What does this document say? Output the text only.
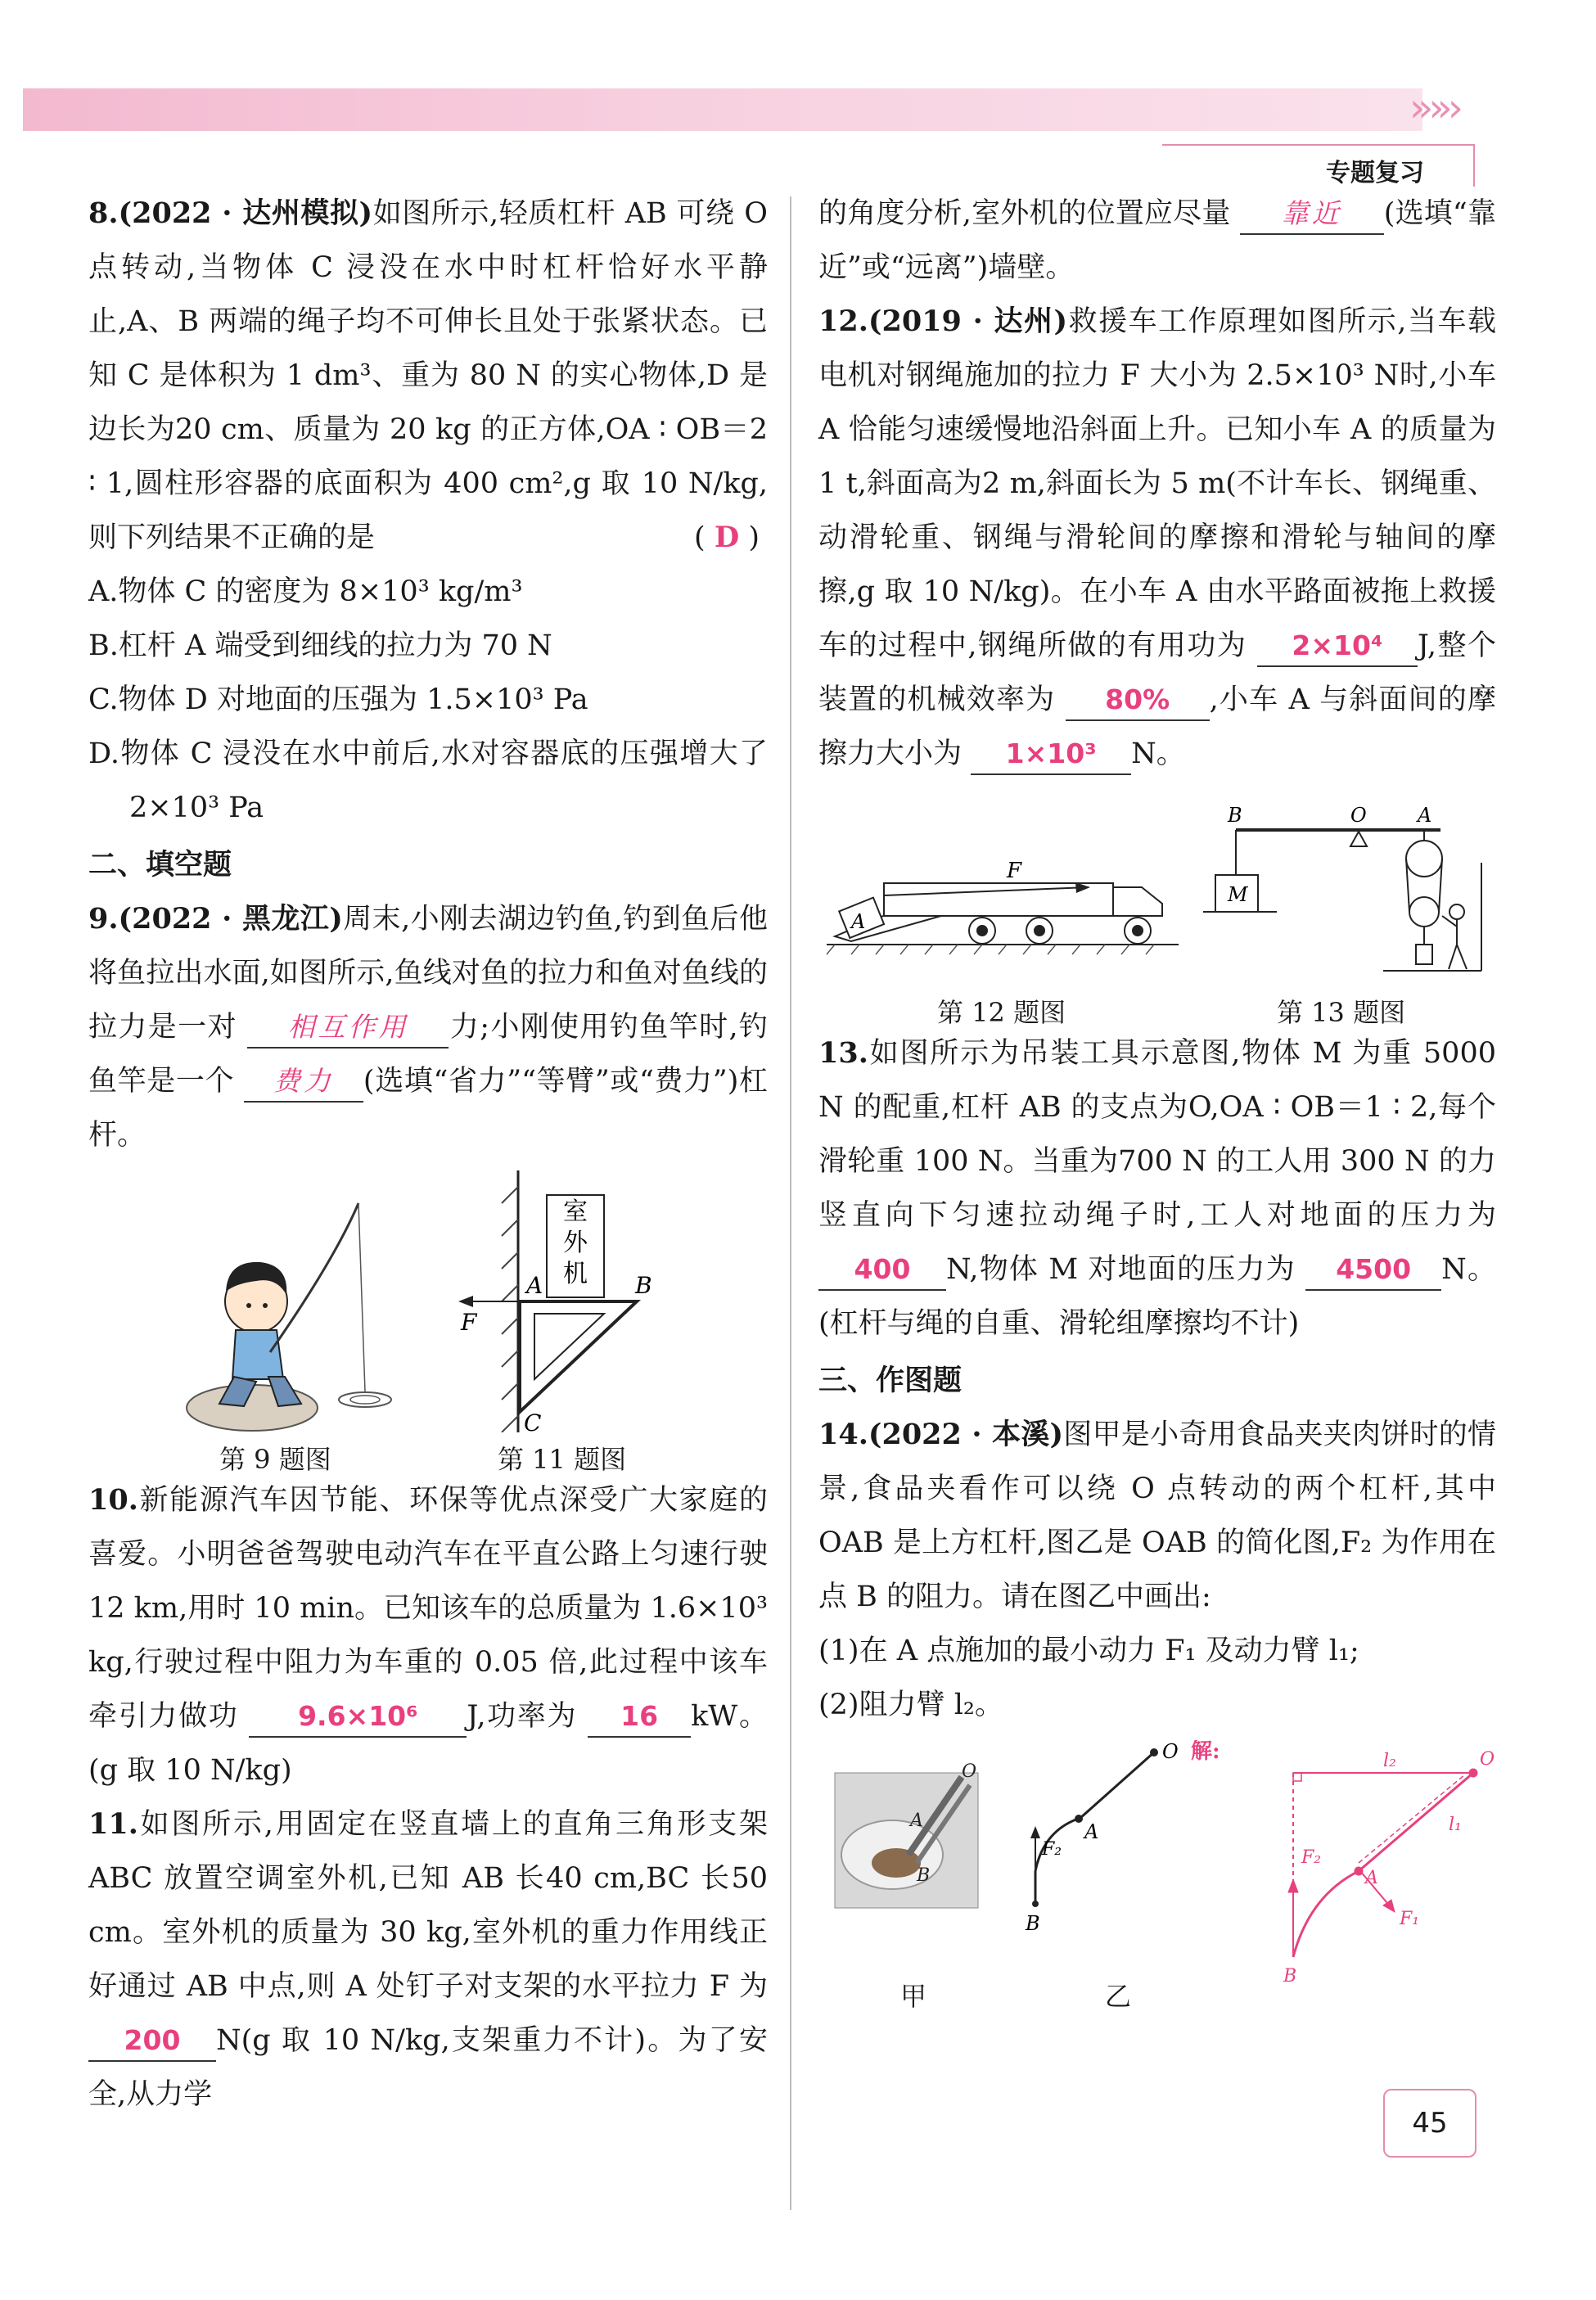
»»›
专题复习

8.(2022 · 达州模拟)如图所示,轻质杠杆 AB 可绕 O 点转动,当物体 C 浸没在水中时杠杆恰好水平静止,A、B 两端的绳子均不可伸长且处于张紧状态。已知 C 是体积为 1 dm³、重为 80 N 的实心物体,D 是边长为20 cm、质量为 20 kg 的正方体,OA ∶ OB＝2 ∶ 1,圆柱形容器的底面积为 400 cm²,g 取 10 N/kg,则下列结果不正确的是	( D )

A.物体 C 的密度为 8×10³ kg/m³

B.杠杆 A 端受到细线的拉力为 70 N

C.物体 D 对地面的压强为 1.5×10³ Pa

D.物体 C 浸没在水中前后,水对容器底的压强增大了 2×10³ Pa

二、填空题

9.(2022 · 黑龙江)周末,小刚去湖边钓鱼,钓到鱼后他将鱼拉出水面,如图所示,鱼线对鱼的拉力和鱼对鱼线的拉力是一对 相互作用 力;小刚使用钓鱼竿时,钓鱼竿是一个 费力 (选填“省力”“等臂”或“费力”)杠杆。

室
外
机
A	B
C
F
第 9 题图	第 11 题图

10.新能源汽车因节能、环保等优点深受广大家庭的喜爱。小明爸爸驾驶电动汽车在平直公路上匀速行驶 12 km,用时 10 min。已知该车的总质量为 1.6×10³ kg,行驶过程中阻力为车重的 0.05 倍,此过程中该车牵引力做功 9.6×10⁶ J,功率为 16 kW。(g 取 10 N/kg)

11.如图所示,用固定在竖直墙上的直角三角形支架 ABC 放置空调室外机,已知 AB 长40 cm,BC 长50 cm。室外机的质量为 30 kg,室外机的重力作用线正好通过 AB 中点,则 A 处钉子对支架的水平拉力 F 为 200 N(g 取 10 N/kg,支架重力不计)。为了安全,从力学

的角度分析,室外机的位置应尽量 靠近 (选填“靠近”或“远离”)墙壁。

12.(2019 · 达州)救援车工作原理如图所示,当车载电机对钢绳施加的拉力 F 大小为 2.5×10³ N时,小车 A 恰能匀速缓慢地沿斜面上升。已知小车 A 的质量为 1 t,斜面高为2 m,斜面长为 5 m(不计车长、钢绳重、动滑轮重、钢绳与滑轮间的摩擦和滑轮与轴间的摩擦,g 取 10 N/kg)。在小车 A 由水平路面被拖上救援车的过程中,钢绳所做的有用功为 2×10⁴ J,整个装置的机械效率为 80% ,小车 A 与斜面间的摩擦力大小为 1×10³ N。

F
A
B	O	A
M
第 12 题图	第 13 题图

13.如图所示为吊装工具示意图,物体 M 为重 5000 N 的配重,杠杆 AB 的支点为O,OA ∶ OB＝1 ∶ 2,每个滑轮重 100 N。当重为700 N 的工人用 300 N 的力竖直向下匀速拉动绳子时,工人对地面的压力为 400 N,物体 M 对地面的压力为 4500 N。(杠杆与绳的自重、滑轮组摩擦均不计)

三、作图题

14.(2022 · 本溪)图甲是小奇用食品夹夹肉饼时的情景,食品夹看作可以绕 O 点转动的两个杠杆,其中 OAB 是上方杠杆,图乙是 OAB 的简化图,F₂ 为作用在点 B 的阻力。请在图乙中画出:

(1)在 A 点施加的最小动力 F₁ 及动力臂 l₁;

(2)阻力臂 l₂。

O
A
B
O
A
B
F₂
解:	O
A
B
F₂
F₁
l₁
l₂
甲	乙
45
